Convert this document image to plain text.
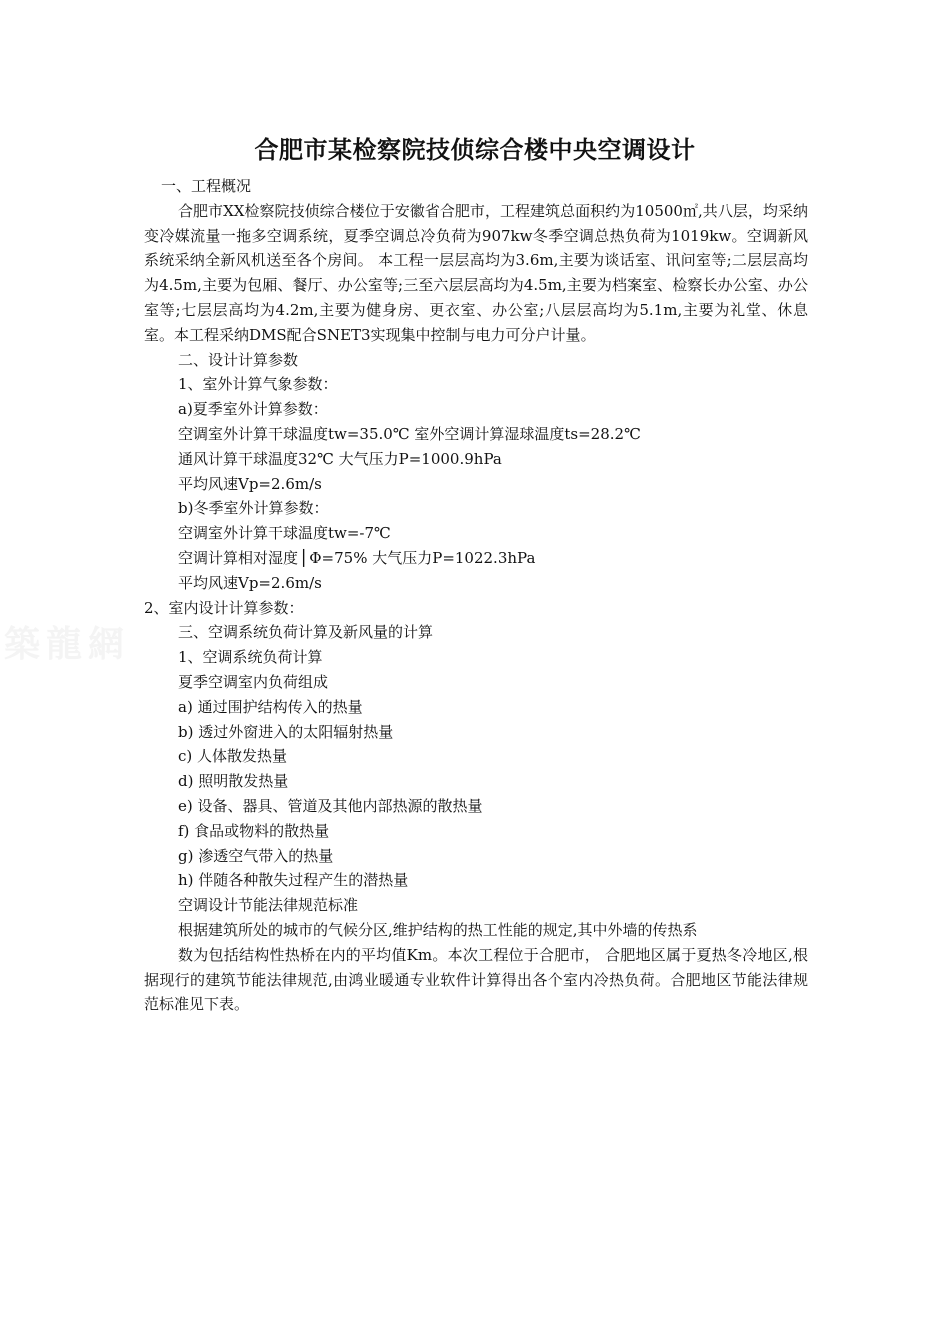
築龍網
合肥市某检察院技侦综合楼中央空调设计

一、工程概况

合肥市XX检察院技侦综合楼位于安徽省合肥市，工程建筑总面积约为10500㎡,共八层，均采纳变冷媒流量一拖多空调系统，夏季空调总冷负荷为907kw冬季空调总热负荷为1019kw。空调新风系统采纳全新风机送至各个房间。 本工程一层层高均为3.6m,主要为谈话室、讯问室等;二层层高均为4.5m,主要为包厢、餐厅、办公室等;三至六层层高均为4.5m,主要为档案室、检察长办公室、办公室等;七层层高均为4.2m,主要为健身房、更衣室、办公室;八层层高均为5.1m,主要为礼堂、休息室。本工程采纳DMS配合SNET3实现集中控制与电力可分户计量。

二、设计计算参数

1、室外计算气象参数：

a)夏季室外计算参数：

空调室外计算干球温度tw=35.0℃ 室外空调计算湿球温度ts=28.2℃

通风计算干球温度32℃ 大气压力P=1000.9hPa

平均风速Vp=2.6m/s

b)冬季室外计算参数：

空调室外计算干球温度tw=-7℃

空调计算相对湿度⎪Φ=75% 大气压力P=1022.3hPa

平均风速Vp=2.6m/s

2、室内设计计算参数：

三、空调系统负荷计算及新风量的计算

1、空调系统负荷计算

夏季空调室内负荷组成

a) 通过围护结构传入的热量

b) 透过外窗进入的太阳辐射热量

c) 人体散发热量

d) 照明散发热量

e) 设备、器具、管道及其他内部热源的散热量

f) 食品或物料的散热量

g) 渗透空气带入的热量

h) 伴随各种散失过程产生的潜热量

空调设计节能法律规范标准

根据建筑所处的城市的气候分区,维护结构的热工性能的规定,其中外墙的传热系

数为包括结构性热桥在内的平均值Km。本次工程位于合肥市， 合肥地区属于夏热冬冷地区,根据现行的建筑节能法律规范,由鸿业暖通专业软件计算得出各个室内冷热负荷。合肥地区节能法律规范标准见下表。
